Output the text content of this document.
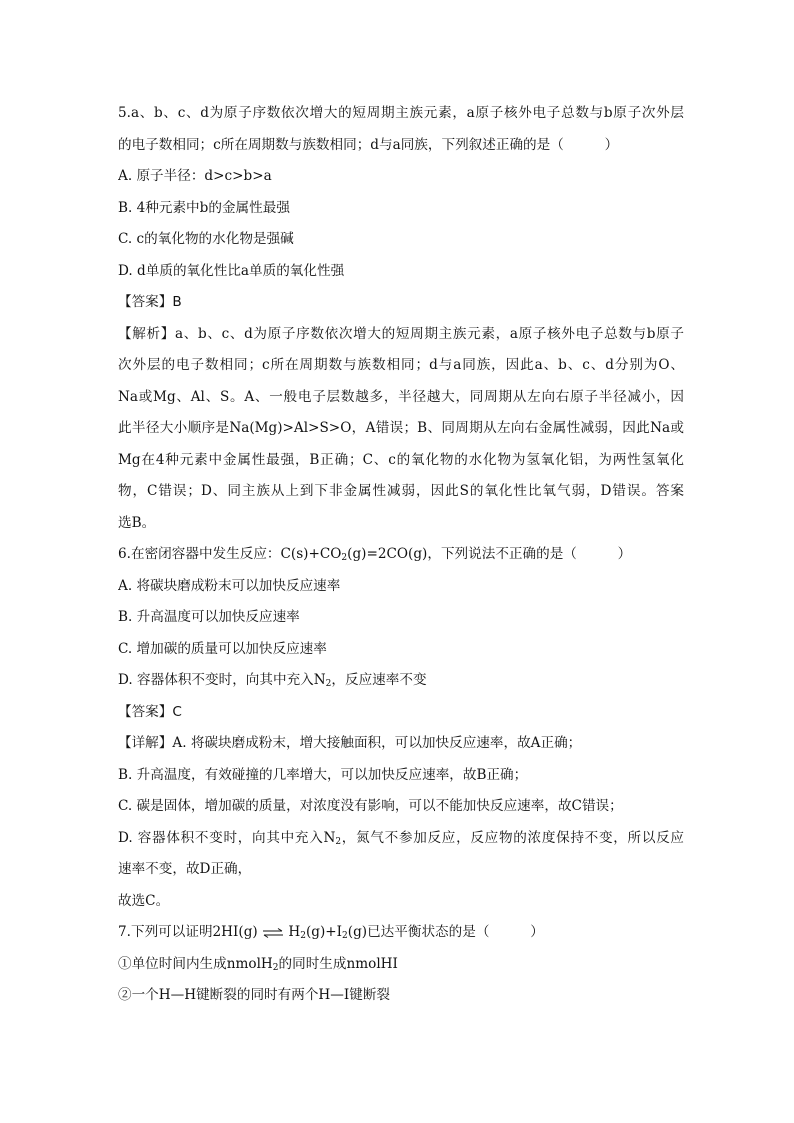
5.a、b、c、d为原子序数依次增大的短周期主族元素，a原子核外电子总数与b原子次外层
的电子数相同；c所在周期数与族数相同；d与a同族，下列叙述正确的是（　　　）
A. 原子半径：d>c>b>a
B. 4种元素中b的金属性最强
C. c的氧化物的水化物是强碱
D. d单质的氧化性比a单质的氧化性强
【答案】B
【解析】a、b、c、d为原子序数依次增大的短周期主族元素，a原子核外电子总数与b原子
次外层的电子数相同；c所在周期数与族数相同；d与a同族，因此a、b、c、d分别为O、
Na或Mg、Al、S。A、一般电子层数越多，半径越大，同周期从左向右原子半径减小，因
此半径大小顺序是Na(Mg)>Al>S>O，A错误；B、同周期从左向右金属性减弱，因此Na或
Mg在4种元素中金属性最强，B正确；C、c的氧化物的水化物为氢氧化铝，为两性氢氧化
物，C错误；D、同主族从上到下非金属性减弱，因此S的氧化性比氧气弱，D错误。答案
选B。
6.在密闭容器中发生反应：$C(s)+CO_2(g)=2CO(g)$，下列说法不正确的是（　　　）
A. 将碳块磨成粉末可以加快反应速率
B. 升高温度可以加快反应速率
C. 增加碳的质量可以加快反应速率
D. 容器体积不变时，向其中充入$N_2$，反应速率不变
【答案】C
【详解】A. 将碳块磨成粉末，增大接触面积，可以加快反应速率，故A正确；
B. 升高温度，有效碰撞的几率增大，可以加快反应速率，故B正确；
C. 碳是固体，增加碳的质量，对浓度没有影响，可以不能加快反应速率，故C错误；
D. 容器体积不变时，向其中充入$N_2$，氮气不参加反应，反应物的浓度保持不变，所以反应
速率不变，故D正确，
故选C。
7.下列可以证明2HI(g) ⇌ $H_2(g)+I_2(g)$已达平衡状态的是（　　　）
①单位时间内生成nmolH$_2$的同时生成nmolHI
②一个H—H键断裂的同时有两个H—I键断裂
